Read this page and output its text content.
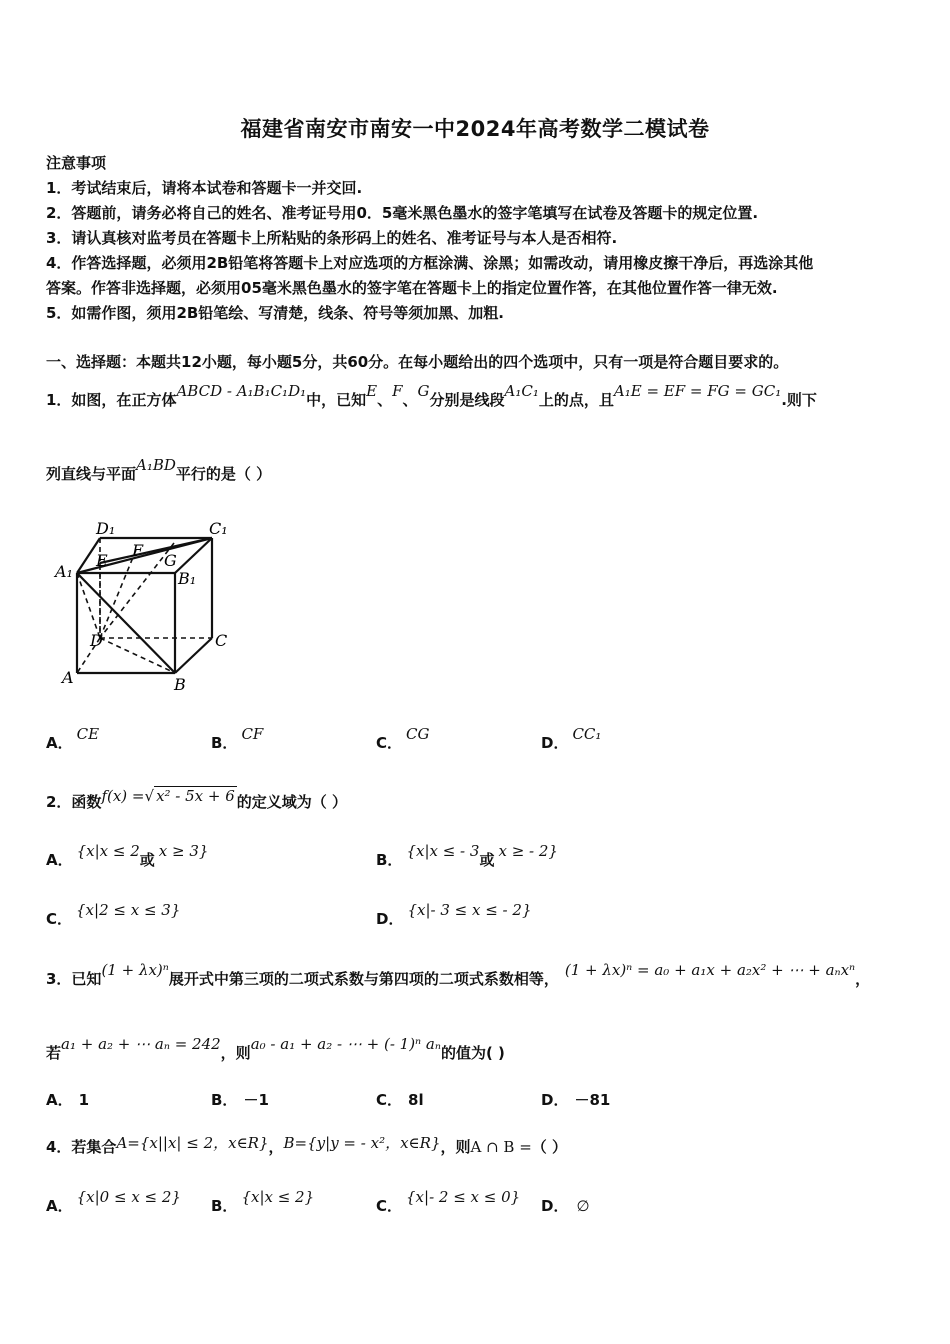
福建省南安市南安一中2024年高考数学二模试卷
注意事项
1．考试结束后，请将本试卷和答题卡一并交回.
2．答题前，请务必将自己的姓名、准考证号用0．5毫米黑色墨水的签字笔填写在试卷及答题卡的规定位置.
3．请认真核对监考员在答题卡上所粘贴的条形码上的姓名、准考证号与本人是否相符.
4．作答选择题，必须用2B铅笔将答题卡上对应选项的方框涂满、涂黑；如需改动，请用橡皮擦干净后，再选涂其他
答案。作答非选择题，必须用05毫米黑色墨水的签字笔在答题卡上的指定位置作答，在其他位置作答一律无效.
5．如需作图，须用2B铅笔绘、写清楚，线条、符号等须加黑、加粗.
一、选择题：本题共12小题，每小题5分，共60分。在每小题给出的四个选项中，只有一项是符合题目要求的。
1．如图，在正方体ABCD - A₁B₁C₁D₁中，已知E、F、G分别是线段A₁C₁上的点，且A₁E = EF = FG = GC₁.则下
列直线与平面A₁BD平行的是（ ）
D₁	C₁
E
F
G
A₁	B₁
D	C
A	B
A． CE	B． CF	C． CG	D． CC₁
2．函数f(x) =√ x² - 5x + 6 的定义域为（ ）
A． {x|x ≤ 2或 x ≥ 3}	B． {x|x ≤ - 3或 x ≥ - 2}
C． {x|2 ≤ x ≤ 3}	D． {x|- 3 ≤ x ≤ - 2}
3．已知(1 + λx)ⁿ展开式中第三项的二项式系数与第四项的二项式系数相等， (1 + λx)ⁿ = a₀ + a₁x + a₂x² + ⋯ + aₙxⁿ，
若a₁ + a₂ + ⋯ aₙ = 242，则a₀ - a₁ + a₂ - ⋯ + (- 1)ⁿ aₙ的值为( )
A． 1	B． －1	C． 8l	D． －81
4．若集合A={x||x| ≤ 2，x∈R}，B={y|y = - x²，x∈R}，则A ∩ B =（ ）
A． {x|0 ≤ x ≤ 2} B． {x|x ≤ 2}	C． {x|- 2 ≤ x ≤ 0} D． ∅
